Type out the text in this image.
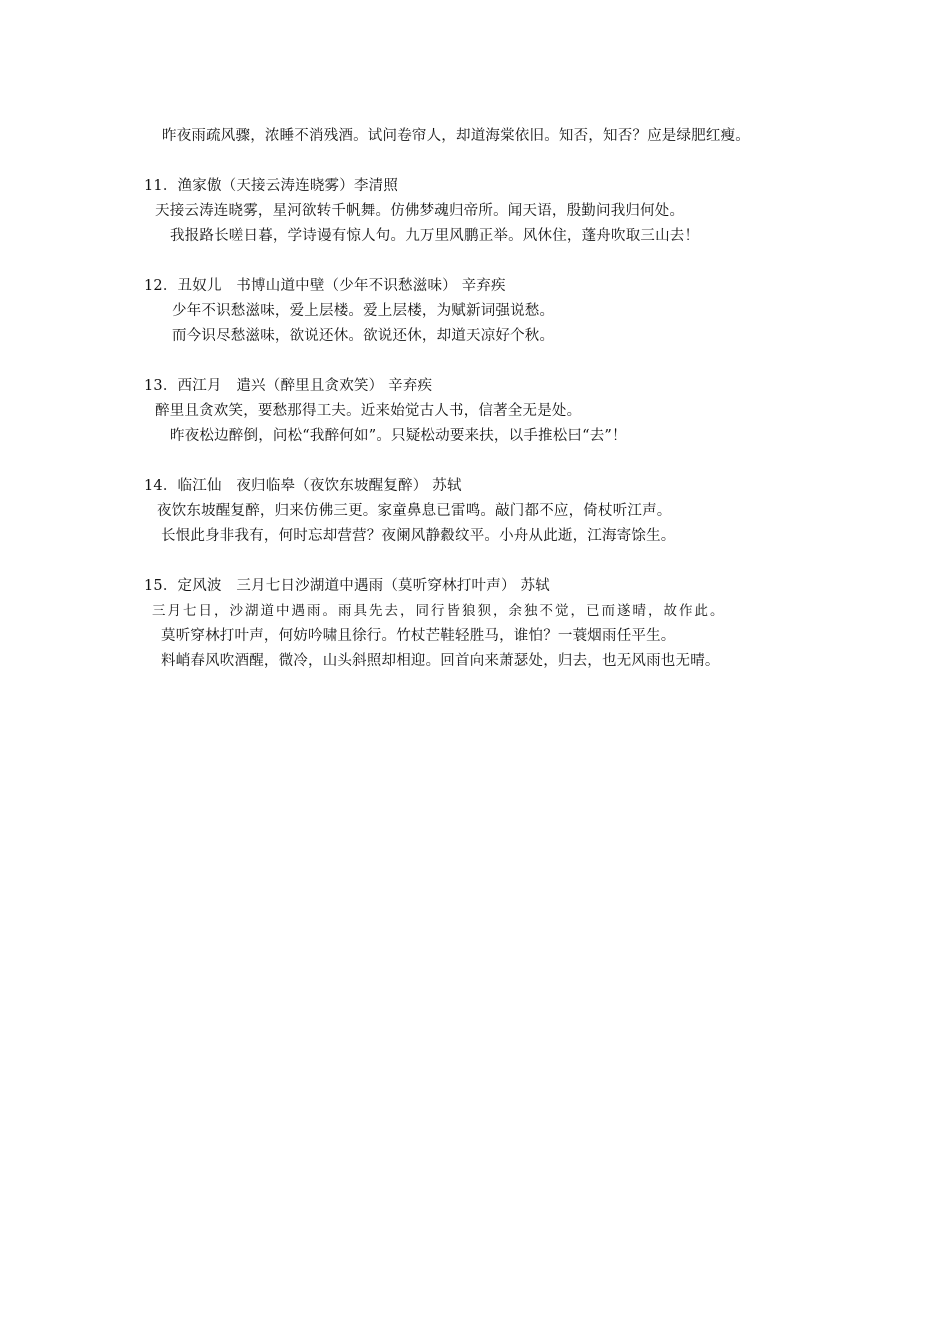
昨夜雨疏风骤，浓睡不消残酒。试问卷帘人，却道海棠依旧。知否，知否？应是绿肥红瘦。
11．渔家傲（天接云涛连晓雾）李清照
天接云涛连晓雾，星河欲转千帆舞。仿佛梦魂归帝所。闻天语，殷勤问我归何处。
我报路长嗟日暮，学诗谩有惊人句。九万里风鹏正举。风休住，蓬舟吹取三山去！
12．丑奴儿　书博山道中壁（少年不识愁滋味） 辛弃疾
少年不识愁滋味，爱上层楼。爱上层楼，为赋新词强说愁。
而今识尽愁滋味，欲说还休。欲说还休，却道天凉好个秋。
13．西江月　遣兴（醉里且贪欢笑） 辛弃疾
醉里且贪欢笑，要愁那得工夫。近来始觉古人书，信著全无是处。
昨夜松边醉倒，问松“我醉何如”。只疑松动要来扶，以手推松曰“去”！
14．临江仙　夜归临皋（夜饮东坡醒复醉） 苏轼
夜饮东坡醒复醉，归来仿佛三更。家童鼻息已雷鸣。敲门都不应，倚杖听江声。
长恨此身非我有，何时忘却营营？夜阑风静縠纹平。小舟从此逝，江海寄馀生。
15．定风波　三月七日沙湖道中遇雨（莫听穿林打叶声） 苏轼
三月七日，沙湖道中遇雨。雨具先去，同行皆狼狈，余独不觉，已而遂晴，故作此。
莫听穿林打叶声，何妨吟啸且徐行。竹杖芒鞋轻胜马，谁怕？一蓑烟雨任平生。
料峭春风吹酒醒，微冷，山头斜照却相迎。回首向来萧瑟处，归去，也无风雨也无晴。
